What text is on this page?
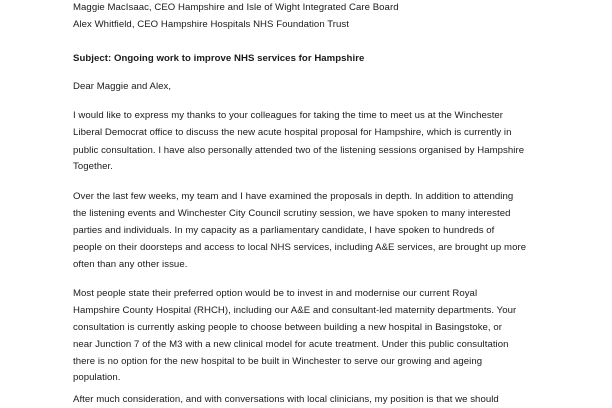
Maggie MacIsaac, CEO Hampshire and Isle of Wight Integrated Care Board
Alex Whitfield, CEO Hampshire Hospitals NHS Foundation Trust
Subject: Ongoing work to improve NHS services for Hampshire
Dear Maggie and Alex,
I would like to express my thanks to your colleagues for taking the time to meet us at the Winchester
Liberal Democrat office to discuss the new acute hospital proposal for Hampshire, which is currently in
public consultation. I have also personally attended two of the listening sessions organised by Hampshire
Together.
Over the last few weeks, my team and I have examined the proposals in depth. In addition to attending
the listening events and Winchester City Council scrutiny session, we have spoken to many interested
parties and individuals. In my capacity as a parliamentary candidate, I have spoken to hundreds of
people on their doorsteps and access to local NHS services, including A&E services, are brought up more
often than any other issue.
Most people state their preferred option would be to invest in and modernise our current Royal
Hampshire County Hospital (RHCH), including our A&E and consultant-led maternity departments. Your
consultation is currently asking people to choose between building a new hospital in Basingstoke, or
near Junction 7 of the M3 with a new clinical model for acute treatment. Under this public consultation
there is no option for the new hospital to be built in Winchester to serve our growing and ageing
population.
After much consideration, and with conversations with local clinicians, my position is that we should
